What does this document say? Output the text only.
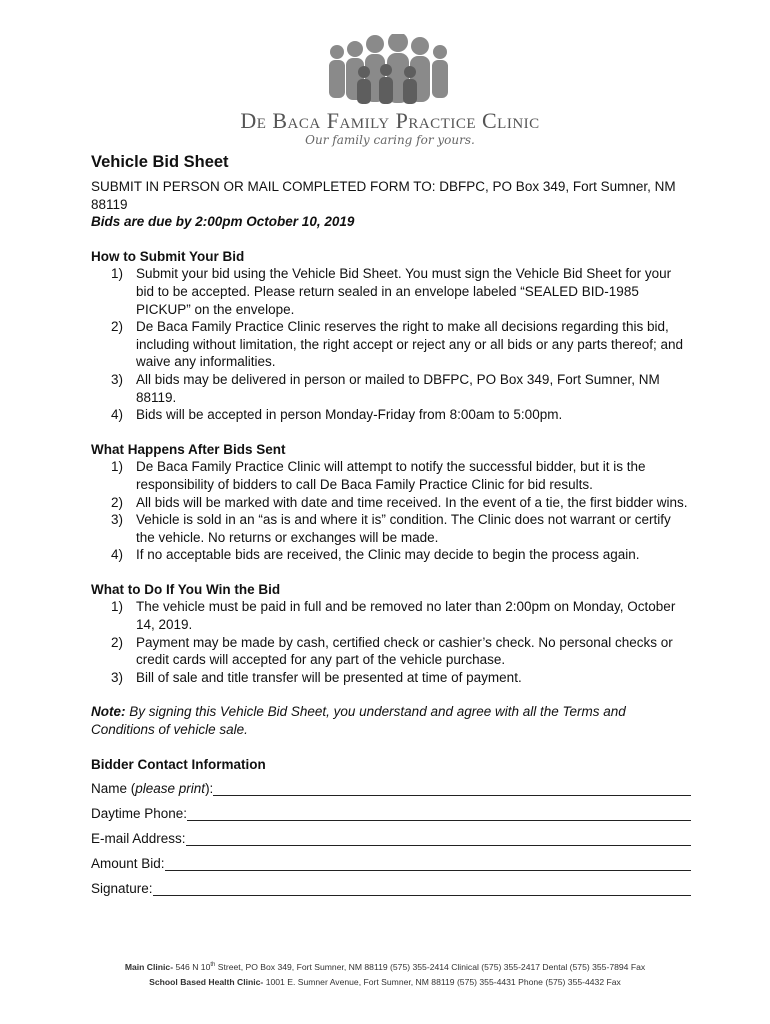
De Baca Family Practice Clinic
Our family caring for yours.
Vehicle Bid Sheet

SUBMIT IN PERSON OR MAIL COMPLETED FORM TO: DBFPC, PO Box 349, Fort Sumner, NM 88119

Bids are due by 2:00pm October 10, 2019

How to Submit Your Bid
1) Submit your bid using the Vehicle Bid Sheet. You must sign the Vehicle Bid Sheet for your bid to be accepted. Please return sealed in an envelope labeled “SEALED BID-1985 PICKUP” on the envelope.
2) De Baca Family Practice Clinic reserves the right to make all decisions regarding this bid, including without limitation, the right accept or reject any or all bids or any parts thereof; and waive any informalities.
3) All bids may be delivered in person or mailed to DBFPC, PO Box 349, Fort Sumner, NM 88119.
4) Bids will be accepted in person Monday-Friday from 8:00am to 5:00pm.
What Happens After Bids Sent
1) De Baca Family Practice Clinic will attempt to notify the successful bidder, but it is the responsibility of bidders to call De Baca Family Practice Clinic for bid results.
2) All bids will be marked with date and time received. In the event of a tie, the first bidder wins.
3) Vehicle is sold in an “as is and where it is” condition. The Clinic does not warrant or certify the vehicle. No returns or exchanges will be made.
4) If no acceptable bids are received, the Clinic may decide to begin the process again.
What to Do If You Win the Bid
1) The vehicle must be paid in full and be removed no later than 2:00pm on Monday, October 14, 2019.
2) Payment may be made by cash, certified check or cashier’s check. No personal checks or credit cards will accepted for any part of the vehicle purchase.
3) Bill of sale and title transfer will be presented at time of payment.

Note: By signing this Vehicle Bid Sheet, you understand and agree with all the Terms and Conditions of vehicle sale.

Bidder Contact Information
Name (please print):
Daytime Phone:
E-mail Address:
Amount Bid:
Signature:
Main Clinic- 546 N 10th Street, PO Box 349, Fort Sumner, NM 88119 (575) 355-2414 Clinical (575) 355-2417 Dental (575) 355-7894 Fax
School Based Health Clinic- 1001 E. Sumner Avenue, Fort Sumner, NM 88119 (575) 355-4431 Phone (575) 355-4432 Fax
